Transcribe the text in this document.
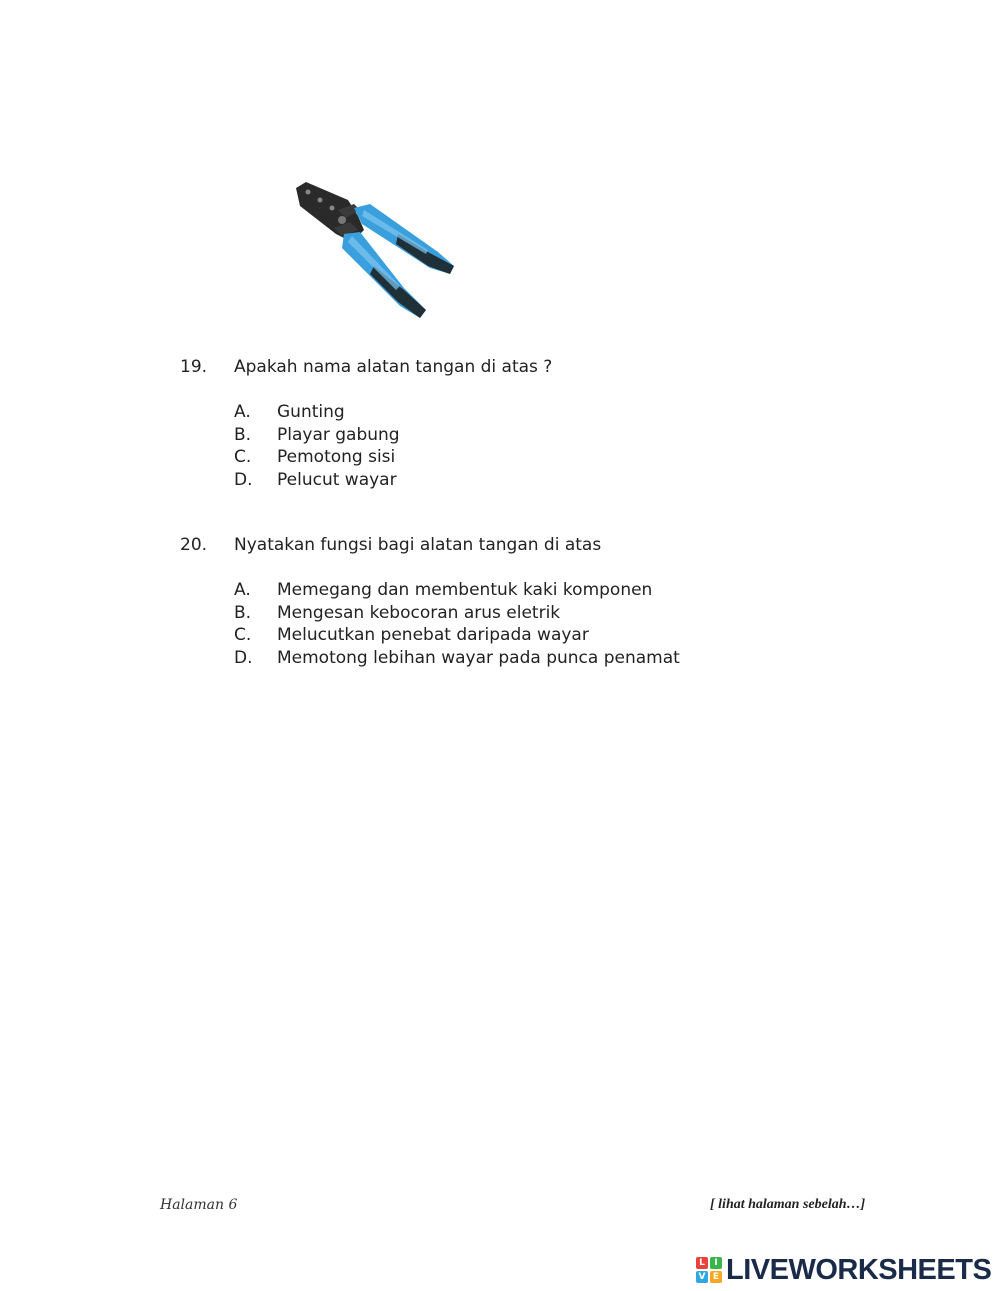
19.	Apakah nama alatan tangan di atas ?
A.	Gunting
B.	Playar gabung
C.	Pemotong sisi
D.	Pelucut wayar
20.	Nyatakan fungsi bagi alatan tangan di atas
A.	Memegang dan membentuk kaki komponen
B.	Mengesan kebocoran arus eletrik
C.	Melucutkan penebat daripada wayar
D.	Memotong lebihan wayar pada punca penamat
Halaman 6	[ lihat halaman sebelah…]
L	I
V E LIVEWORKSHEETS
